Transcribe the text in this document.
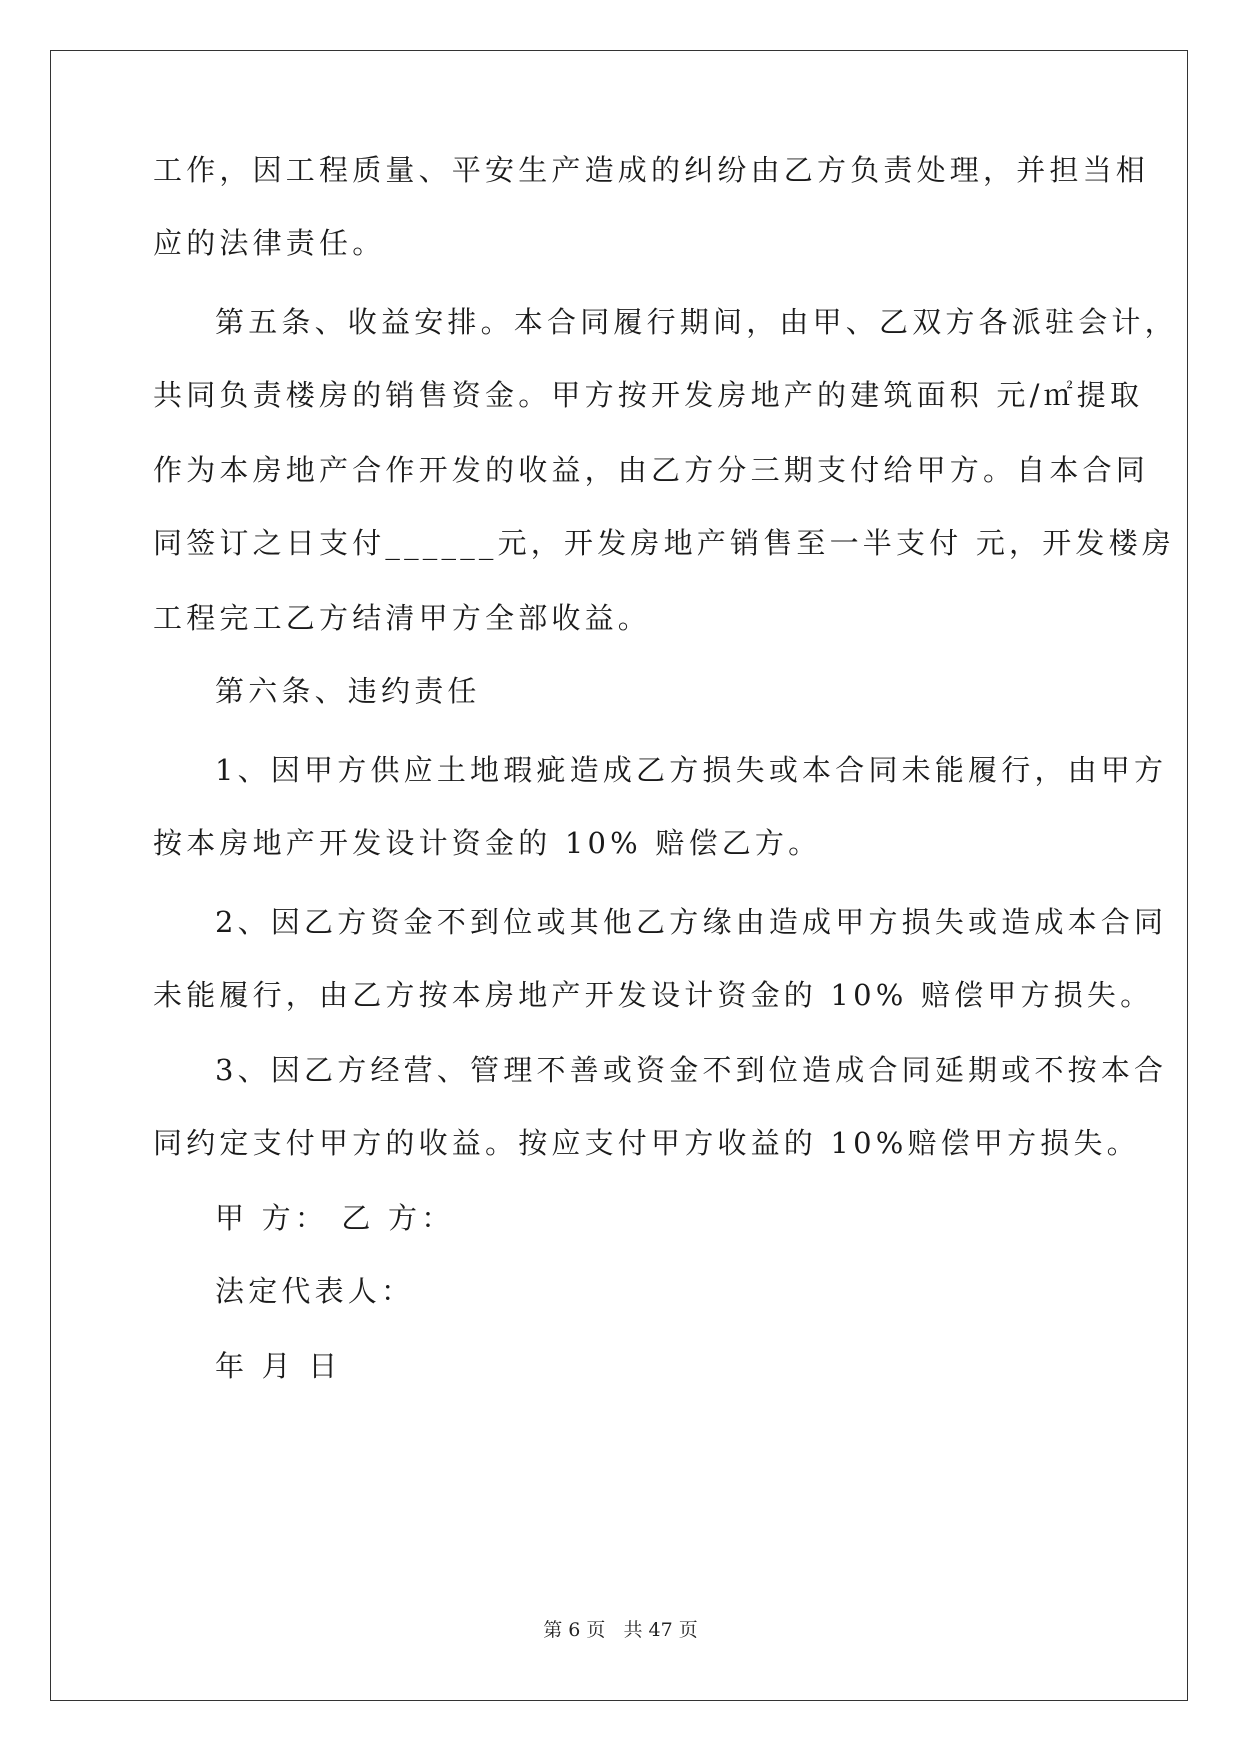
工作，因工程质量、平安生产造成的纠纷由乙方负责处理，并担当相
应的法律责任。
第五条、收益安排。本合同履行期间，由甲、乙双方各派驻会计，
共同负责楼房的销售资金。甲方按开发房地产的建筑面积 元/㎡提取
作为本房地产合作开发的收益，由乙方分三期支付给甲方。自本合同
同签订之日支付______元，开发房地产销售至一半支付 元，开发楼房
工程完工乙方结清甲方全部收益。
第六条、违约责任
1、因甲方供应土地瑕疵造成乙方损失或本合同未能履行，由甲方
按本房地产开发设计资金的 10% 赔偿乙方。
2、因乙方资金不到位或其他乙方缘由造成甲方损失或造成本合同
未能履行，由乙方按本房地产开发设计资金的 10% 赔偿甲方损失。
3、因乙方经营、管理不善或资金不到位造成合同延期或不按本合
同约定支付甲方的收益。按应支付甲方收益的 10%赔偿甲方损失。
甲 方： 乙 方：
法定代表人：
年 月 日
第 6 页   共 47 页
